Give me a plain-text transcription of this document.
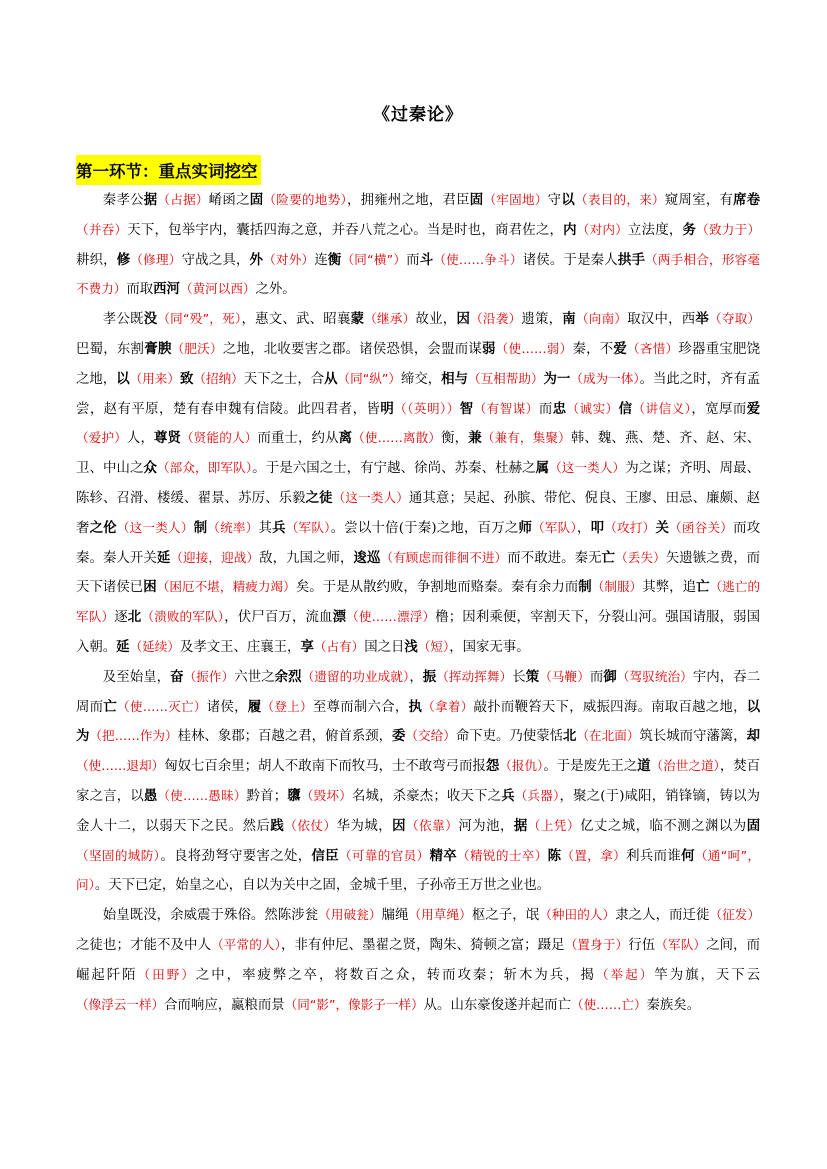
《过秦论》
第一环节：重点实词挖空

秦孝公据（占据）崤函之固（险要的地势），拥雍州之地，君臣固（牢固地）守以（表目的，来）窥周室，有席卷（并吞）天下，包举宇内，囊括四海之意，并吞八荒之心。当是时也，商君佐之，内（对内）立法度，务（致力于）耕织，修（修理）守战之具，外（对外）连衡（同“横”）而斗（使……争斗）诸侯。于是秦人拱手（两手相合，形容毫不费力）而取西河（黄河以西）之外。

孝公既没（同“殁”，死），惠文、武、昭襄蒙（继承）故业，因（沿袭）遗策，南（向南）取汉中，西举（夺取）巴蜀，东割膏腴（肥沃）之地，北收要害之郡。诸侯恐惧，会盟而谋弱（使……弱）秦，不爱（吝惜）珍器重宝肥饶之地，以（用来）致（招纳）天下之士，合从（同“纵”）缔交，相与（互相帮助）为一（成为一体）。当此之时，齐有孟尝，赵有平原，楚有春申魏有信陵。此四君者，皆明（（英明））智（有智谋）而忠（诚实）信（讲信义），宽厚而爱（爱护）人，尊贤（贤能的人）而重士，约从离（使……离散）衡，兼（兼有，集聚）韩、魏、燕、楚、齐、赵、宋、卫、中山之众（部众，即军队）。于是六国之士，有宁越、徐尚、苏秦、杜赫之属（这一类人）为之谋；齐明、周最、陈轸、召滑、楼缓、翟景、苏厉、乐毅之徒（这一类人）通其意；吴起、孙膑、带佗、倪良、王廖、田忌、廉颇、赵奢之伦（这一类人）制（统率）其兵（军队）。尝以十倍(于秦)之地，百万之师（军队），叩（攻打）关（函谷关）而攻秦。秦人开关延（迎接，迎战）敌，九国之师，逡巡（有顾虑而徘徊不进）而不敢进。秦无亡（丢失）矢遗镞之费，而天下诸侯已困（困厄不堪，精疲力竭）矣。于是从散约败，争割地而赂秦。秦有余力而制（制服）其弊，追亡（逃亡的军队）逐北（溃败的军队），伏尸百万，流血漂（使……漂浮）橹；因利乘便，宰割天下，分裂山河。强国请服，弱国入朝。延（延续）及孝文王、庄襄王，享（占有）国之日浅（短），国家无事。

及至始皇，奋（振作）六世之余烈（遗留的功业成就），振（挥动挥舞）长策（马鞭）而御（驾驭统治）宇内，吞二周而亡（使……灭亡）诸侯，履（登上）至尊而制六合，执（拿着）敲扑而鞭笞天下，威振四海。南取百越之地，以为（把……作为）桂林、象郡；百越之君，俯首系颈，委（交给）命下吏。乃使蒙恬北（在北面）筑长城而守藩篱，却（使……退却）匈奴七百余里；胡人不敢南下而牧马，士不敢弯弓而报怨（报仇）。于是废先王之道（治世之道），焚百家之言，以愚（使……愚昧）黔首；隳（毁坏）名城，杀豪杰；收天下之兵（兵器），聚之(于)咸阳，销锋镝，铸以为金人十二，以弱天下之民。然后践（依仗）华为城，因（依靠）河为池，据（上凭）亿丈之城，临不测之渊以为固（坚固的城防）。良将劲弩守要害之处，信臣（可靠的官员）精卒（精锐的士卒）陈（置，拿）利兵而谁何（通“呵”，问）。天下已定，始皇之心，自以为关中之固，金城千里，子孙帝王万世之业也。

始皇既没，余威震于殊俗。然陈涉瓮（用破瓮）牖绳（用草绳）枢之子，氓（种田的人）隶之人，而迁徙（征发）之徒也；才能不及中人（平常的人），非有仲尼、墨翟之贤，陶朱、猗顿之富；蹑足（置身于）行伍（军队）之间，而崛起阡陌（田野）之中，率疲弊之卒，将数百之众，转而攻秦；斩木为兵，揭（举起）竿为旗，天下云（像浮云一样）合而响应，赢粮而景（同“影”，像影子一样）从。山东豪俊遂并起而亡（使……亡）秦族矣。
